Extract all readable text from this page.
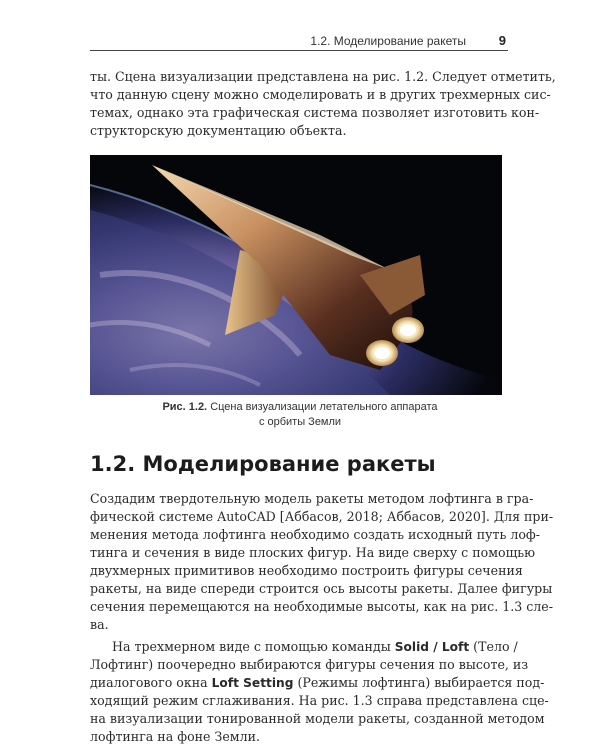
1.2. Моделирование ракеты	9

ты. Сцена визуализации представлена на рис. 1.2. Следует отметить,
что данную сцену можно смоделировать и в других трехмерных сис-
темах, однако эта графическая система позволяет изготовить кон-
структорскую документацию объекта.

Рис. 1.2. Сцена визуализации летательного аппарата
с орбиты Земли
1.2. Моделирование ракеты

Создадим твердотельную модель ракеты методом лофтинга в гра-
фической системе AutoCAD [Аббасов, 2018; Аббасов, 2020]. Для при-
менения метода лофтинга необходимо создать исходный путь лоф-
тинга и сечения в виде плоских фигур. На виде сверху с помощью
двухмерных примитивов необходимо построить фигуры сечения
ракеты, на виде спереди строится ось высоты ракеты. Далее фигуры
сечения перемещаются на необходимые высоты, как на рис. 1.3 сле-
ва.

На трехмерном виде с помощью команды Solid / Loft (Тело /
Лофтинг) поочередно выбираются фигуры сечения по высоте, из
диалогового окна Loft Setting (Режимы лофтинга) выбирается под-
ходящий режим сглаживания. На рис. 1.3 справа представлена сце-
на визуализации тонированной модели ракеты, созданной методом
лофтинга на фоне Земли.
